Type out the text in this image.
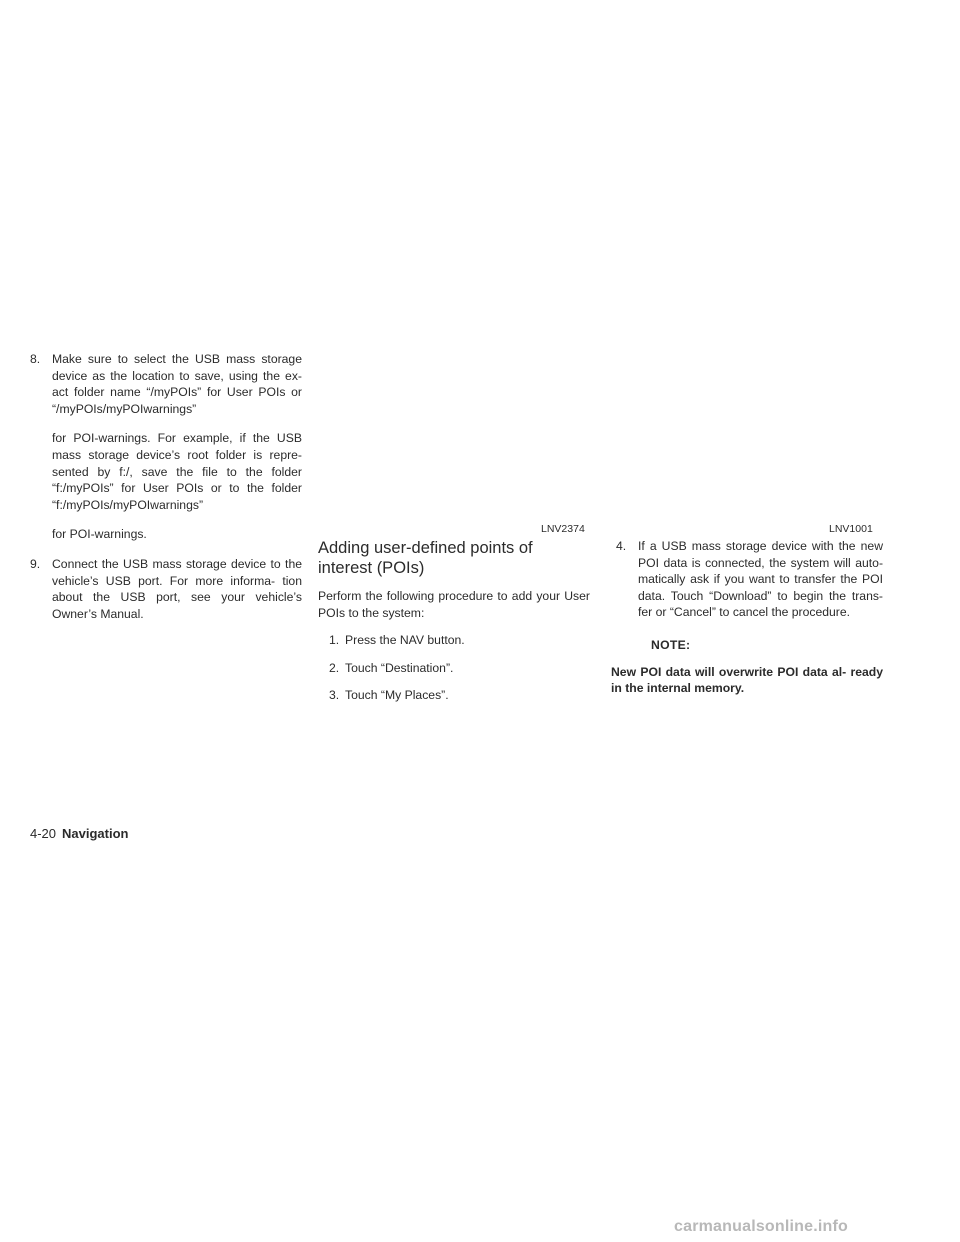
8. Make sure to select the USB mass storage device as the location to save, using the ex- act folder name “/myPOIs” for User POIs or “/myPOIs/myPOIwarnings”
for POI-warnings. For example, if the USB mass storage device’s root folder is repre- sented by f:/, save the file to the folder “f:/myPOIs” for User POIs or to the folder “f:/myPOIs/myPOIwarnings”
for POI-warnings.
9. Connect the USB mass storage device to the vehicle’s USB port. For more informa- tion about the USB port, see your vehicle’s Owner’s Manual.
LNV2374	LNV1001
Adding user-defined points of interest (POIs)
Perform the following procedure to add your User POIs to the system:
1. Press the NAV button.
2. Touch “Destination”.
3. Touch “My Places”.
4. If a USB mass storage device with the new POI data is connected, the system will auto- matically ask if you want to transfer the POI data. Touch “Download” to begin the trans- fer or “Cancel” to cancel the procedure.
NOTE:
New POI data will overwrite POI data al- ready in the internal memory.
4-20 Navigation
carmanualsonline.info
